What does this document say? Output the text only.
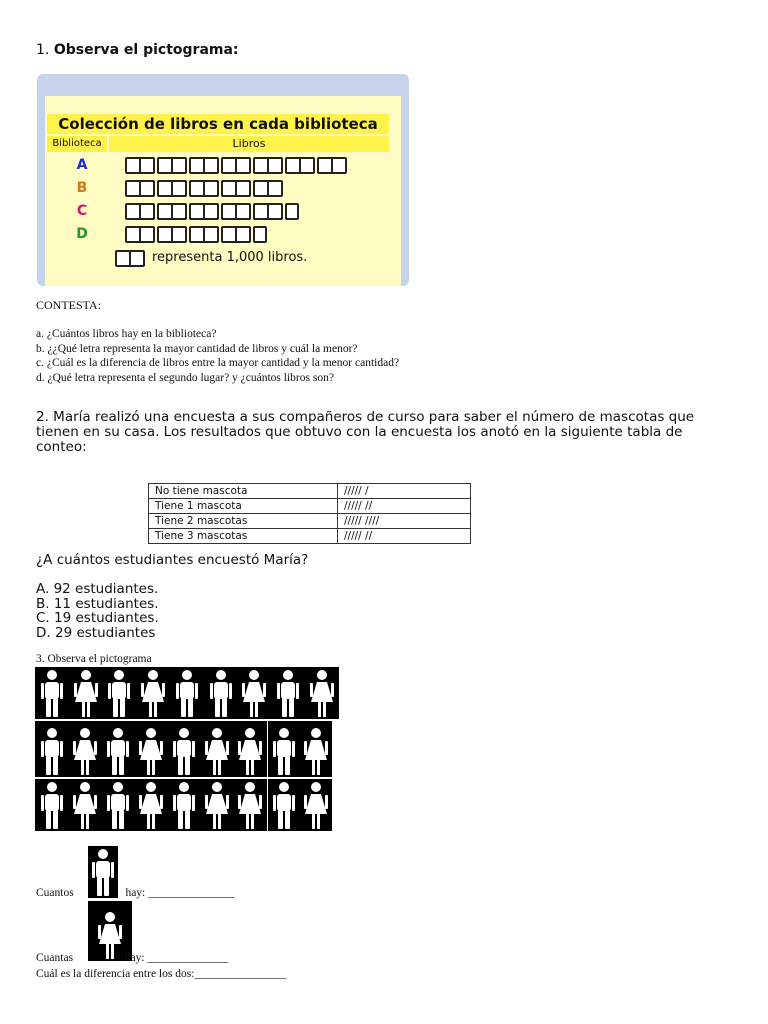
1. Observa el pictograma:
Colección de libros en cada biblioteca
Biblioteca	Libros
A
B
C
D
representa 1,000 libros.
CONTESTA:
a. ¿Cuántos libros hay en la biblioteca?
b. ¿¿Qué letra representa la mayor cantidad de libros y cuál la menor?
c. ¿Cuál es la diferencia de libros entre la mayor cantidad y la menor cantidad?
d. ¿Qué letra representa el segundo lugar? y ¿cuántos libros son?
2. María realizó una encuesta a sus compañeros de curso para saber el número de mascotas que tienen en su casa. Los resultados que obtuvo con la encuesta los anotó en la siguiente tabla de conteo:
No tiene mascota	///// /
Tiene 1 mascota	///// //
Tiene 2 mascotas	///// ////
Tiene 3 mascotas	///// //
¿A cuántos estudiantes encuestó María?
A. 92 estudiantes.
B. 11 estudiantes.
C. 19 estudiantes.
D. 29 estudiantes
3. Observa el pictograma
Cuantos	hay: _______________
Cuantas	hay: ______________
Cuál es la diferencia entre los dos:________________
